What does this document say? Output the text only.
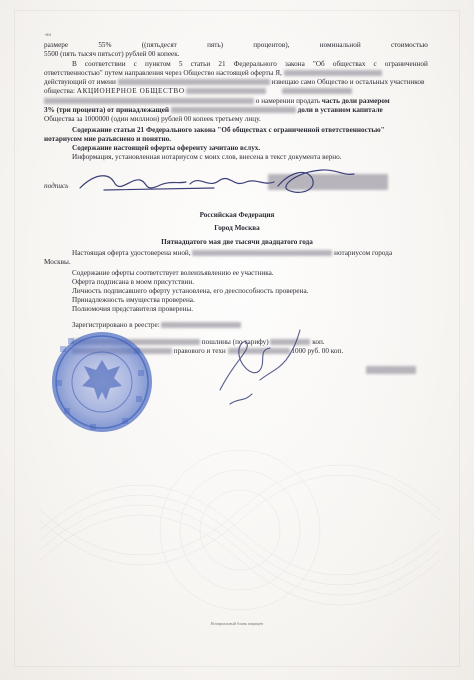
-ни
размере	55%	((пятьдесят	пять)	процентов),	номинальной	стоимостью
5500 (пять тысяч пятьсот) рублей 00 копеек.
В соответствии с пунктом 5 статьи 21 Федерального закона "Об обществах с ограниченной
ответственностью" путем направления через Общество настоящей оферты Я,
действующий от имени	извещаю само Общество и остальных участников
общества: АКЦИОНЕРНОЕ ОБЩЕСТВО
о намерении продать часть доли размером
3% (три процента) от принадлежащей	доли в уставном капитале
Общества за 1000000 (один миллион) рублей 00 копеек третьему лицу.
Содержание статьи 21 Федерального закона "Об обществах с ограниченной ответственностью"
нотариусом мне разъяснено и понятно.
Содержание настоящей оферты оференту зачитано вслух.
Информация, установленная нотариусом с моих слов, внесена в текст документа верно.
подпись
Российская Федерация
Город Москва
Пятнадцатого мая две тысячи двадцатого года
Настоящая оферта удостоверена мной,	нотариусом города
Москвы.
Содержание оферты соответствует волеизъявлению ее участника.
Оферта подписана в моем присутствии.
Личность подписавшего оферту установлена, его дееспособность проверена.
Принадлежность имущества проверена.
Полномочия представителя проверены.
Зарегистрировано в реестре:
пошлины (по тарифу)	коп.
правового и техн	1000 руб. 00 коп.
Нотариальный бланк защищён
